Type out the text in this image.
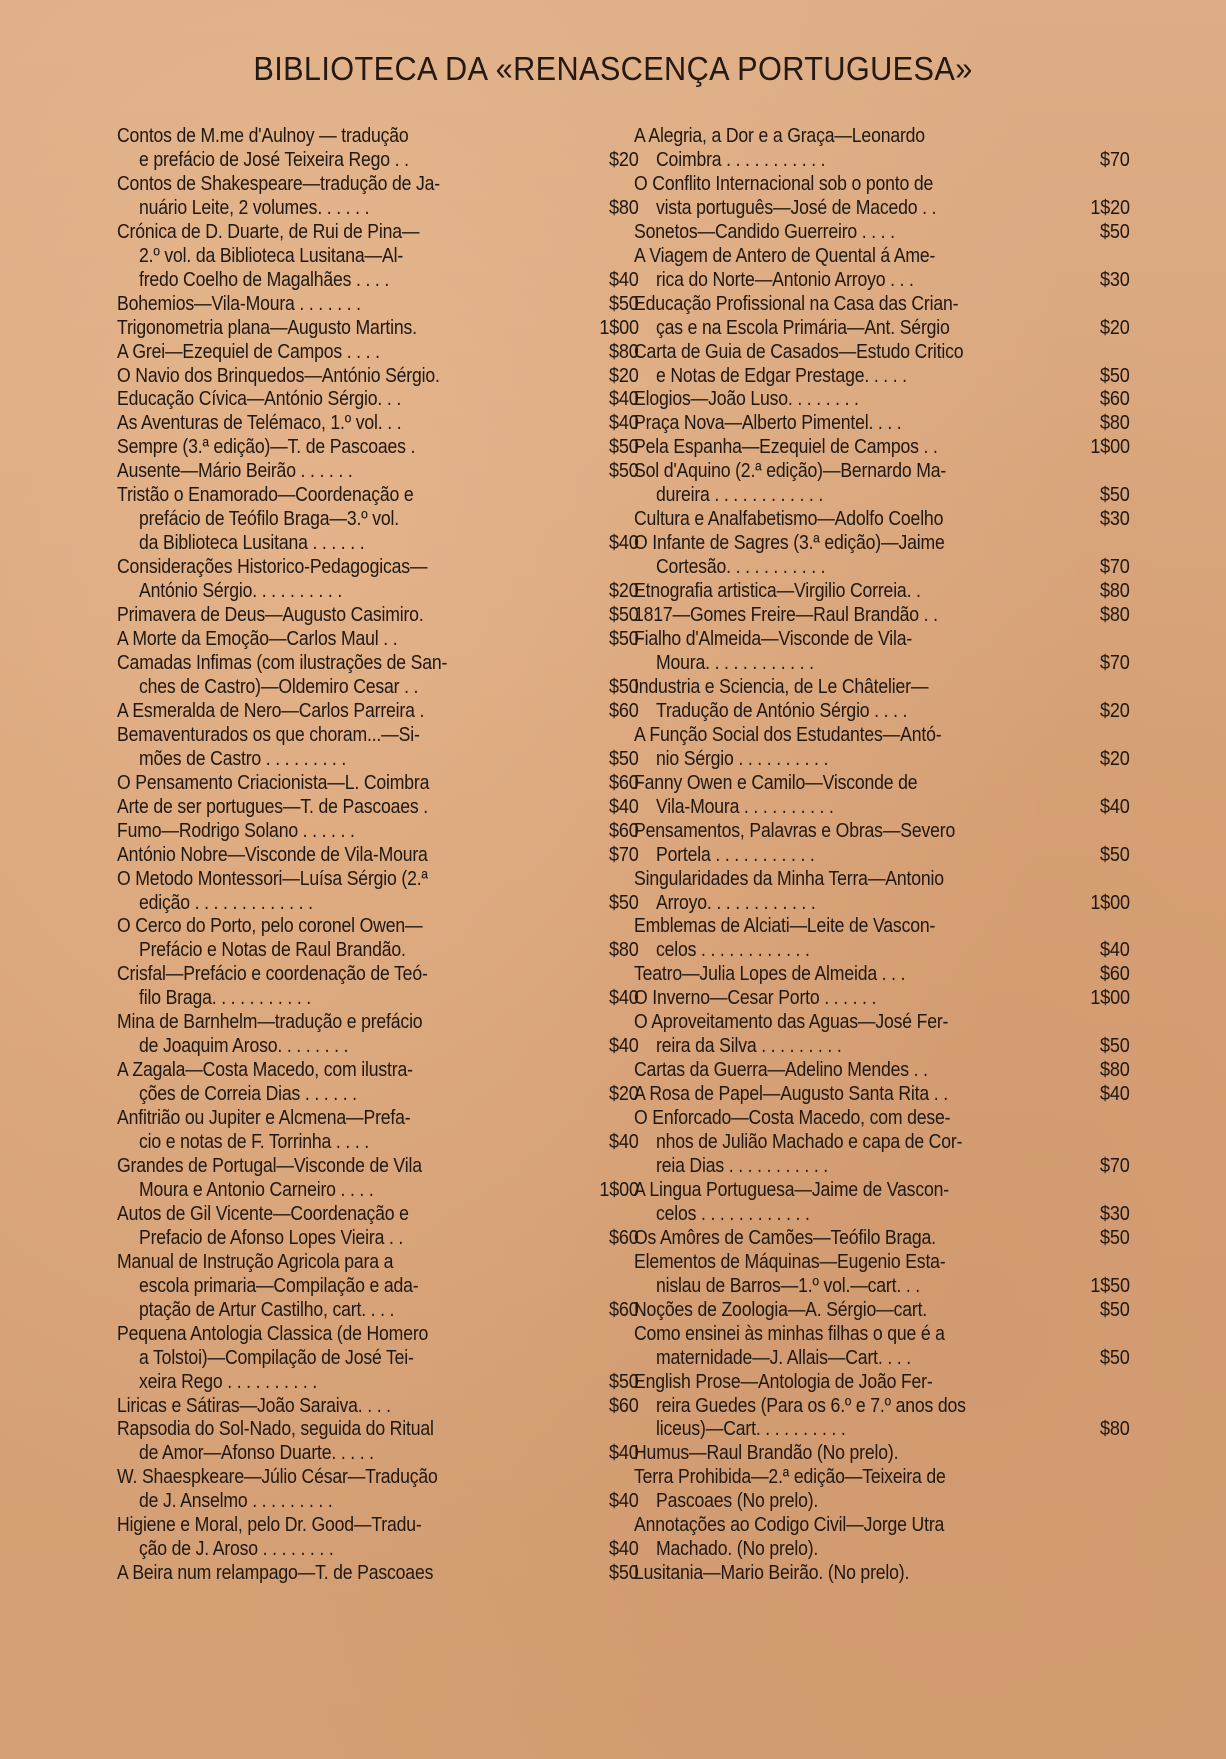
BIBLIOTECA DA «RENASCENÇA PORTUGUESA»
Contos de M.me d'Aulnoy — tradução
e prefácio de José Teixeira Rego . .	$20
Contos de Shakespeare—tradução de Ja-
nuário Leite, 2 volumes. . . . . .	$80
Crónica de D. Duarte, de Rui de Pina—
2.º vol. da Biblioteca Lusitana—Al-
fredo Coelho de Magalhães . . . .	$40
Bohemios—Vila-Moura . . . . . . .	$50
Trigonometria plana—Augusto Martins.	1$00
A Grei—Ezequiel de Campos . . . .	$80
O Navio dos Brinquedos—António Sérgio.	$20
Educação Cívica—António Sérgio. . .	$40
As Aventuras de Telémaco, 1.º vol. . .	$40
Sempre (3.ª edição)—T. de Pascoaes .	$50
Ausente—Mário Beirão . . . . . .	$50
Tristão o Enamorado—Coordenação e
prefácio de Teófilo Braga—3.º vol.
da Biblioteca Lusitana . . . . . .	$40
Considerações Historico-Pedagogicas—
António Sérgio. . . . . . . . . .	$20
Primavera de Deus—Augusto Casimiro.	$50
A Morte da Emoção—Carlos Maul . .	$50
Camadas Infimas (com ilustrações de San-
ches de Castro)—Oldemiro Cesar . .	$50
A Esmeralda de Nero—Carlos Parreira .	$60
Bemaventurados os que choram...—Si-
mões de Castro . . . . . . . . .	$50
O Pensamento Criacionista—L. Coimbra	$60
Arte de ser portugues—T. de Pascoaes .	$40
Fumo—Rodrigo Solano . . . . . .	$60
António Nobre—Visconde de Vila-Moura	$70
O Metodo Montessori—Luísa Sérgio (2.ª
edição . . . . . . . . . . . . .	$50
O Cerco do Porto, pelo coronel Owen—
Prefácio e Notas de Raul Brandão.	$80
Crisfal—Prefácio e coordenação de Teó-
filo Braga. . . . . . . . . . .	$40
Mina de Barnhelm—tradução e prefácio
de Joaquim Aroso. . . . . . . .	$40
A Zagala—Costa Macedo, com ilustra-
ções de Correia Dias . . . . . .	$20
Anfitrião ou Jupiter e Alcmena—Prefa-
cio e notas de F. Torrinha . . . .	$40
Grandes de Portugal—Visconde de Vila
Moura e Antonio Carneiro . . . .	1$00
Autos de Gil Vicente—Coordenação e
Prefacio de Afonso Lopes Vieira . .	$60
Manual de Instrução Agricola para a
escola primaria—Compilação e ada-
ptação de Artur Castilho, cart. . . .	$60
Pequena Antologia Classica (de Homero
a Tolstoi)—Compilação de José Tei-
xeira Rego . . . . . . . . . .	$50
Liricas e Sátiras—João Saraiva. . . .	$60
Rapsodia do Sol-Nado, seguida do Ritual
de Amor—Afonso Duarte. . . . .	$40
W. Shaespkeare—Júlio César—Tradução
de J. Anselmo . . . . . . . . .	$40
Higiene e Moral, pelo Dr. Good—Tradu-
ção de J. Aroso . . . . . . . .	$40
A Beira num relampago—T. de Pascoaes	$50
A Alegria, a Dor e a Graça—Leonardo
Coimbra . . . . . . . . . . .	$70
O Conflito Internacional sob o ponto de
vista português—José de Macedo . .	1$20
Sonetos—Candido Guerreiro . . . .	$50
A Viagem de Antero de Quental á Ame-
rica do Norte—Antonio Arroyo . . .	$30
Educação Profissional na Casa das Crian-
ças e na Escola Primária—Ant. Sérgio	$20
Carta de Guia de Casados—Estudo Critico
e Notas de Edgar Prestage. . . . .	$50
Elogios—João Luso. . . . . . . .	$60
Praça Nova—Alberto Pimentel. . . .	$80
Pela Espanha—Ezequiel de Campos . .	1$00
Sol d'Aquino (2.ª edição)—Bernardo Ma-
dureira . . . . . . . . . . . .	$50
Cultura e Analfabetismo—Adolfo Coelho	$30
O Infante de Sagres (3.ª edição)—Jaime
Cortesão. . . . . . . . . . .	$70
Etnografia artistica—Virgilio Correia. .	$80
1817—Gomes Freire—Raul Brandão . .	$80
Fialho d'Almeida—Visconde de Vila-
Moura. . . . . . . . . . . .	$70
Industria e Sciencia, de Le Châtelier—
Tradução de António Sérgio . . . .	$20
A Função Social dos Estudantes—Antó-
nio Sérgio . . . . . . . . . .	$20
Fanny Owen e Camilo—Visconde de
Vila-Moura . . . . . . . . . .	$40
Pensamentos, Palavras e Obras—Severo
Portela . . . . . . . . . . .	$50
Singularidades da Minha Terra—Antonio
Arroyo. . . . . . . . . . . .	1$00
Emblemas de Alciati—Leite de Vascon-
celos . . . . . . . . . . . .	$40
Teatro—Julia Lopes de Almeida . . .	$60
O Inverno—Cesar Porto . . . . . .	1$00
O Aproveitamento das Aguas—José Fer-
reira da Silva . . . . . . . . .	$50
Cartas da Guerra—Adelino Mendes . .	$80
A Rosa de Papel—Augusto Santa Rita . .	$40
O Enforcado—Costa Macedo, com dese-
nhos de Julião Machado e capa de Cor-
reia Dias . . . . . . . . . . .	$70
A Lingua Portuguesa—Jaime de Vascon-
celos . . . . . . . . . . . .	$30
Os Amôres de Camões—Teófilo Braga.	$50
Elementos de Máquinas—Eugenio Esta-
nislau de Barros—1.º vol.—cart. . .	1$50
Noções de Zoologia—A. Sérgio—cart.	$50
Como ensinei às minhas filhas o que é a
maternidade—J. Allais—Cart. . . .	$50
English Prose—Antologia de João Fer-
reira Guedes (Para os 6.º e 7.º anos dos
liceus)—Cart. . . . . . . . . .	$80
Humus—Raul Brandão (No prelo).
Terra Prohibida—2.ª edição—Teixeira de
Pascoaes (No prelo).
Annotações ao Codigo Civil—Jorge Utra
Machado. (No prelo).
Lusitania—Mario Beirão. (No prelo).
